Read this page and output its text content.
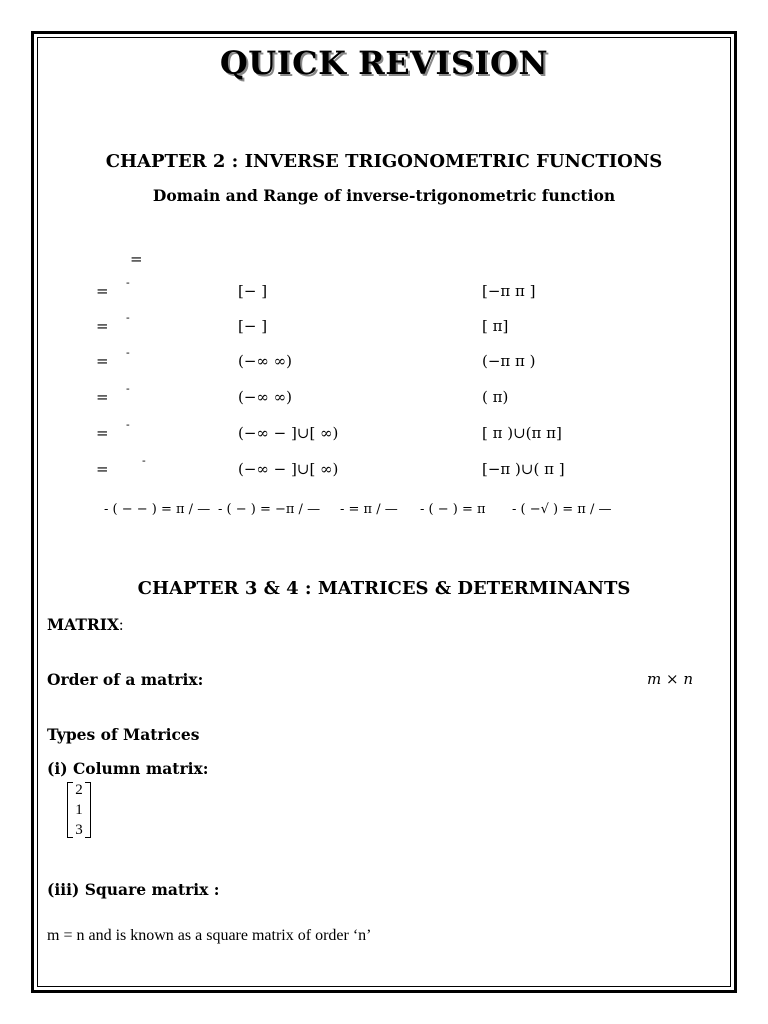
QUICK REVISION
CHAPTER 2 : INVERSE TRIGONOMETRIC FUNCTIONS
Domain and Range of inverse-trigonometric function
=
= -	[− ]	[−π π ]
= -	[− ]	[ π]
= -	(−∞ ∞)	(−π π )
= -	(−∞ ∞)	( π)
= -	(−∞ − ]∪[ ∞)	[ π )∪(π π]
=	-	(−∞ − ]∪[ ∞)	[−π )∪( π ]
- ( − − ) = π / — - ( − ) = −π / — - = π / — - ( − ) = π - ( −√ ) = π / —
CHAPTER 3 & 4 : MATRICES & DETERMINANTS
MATRIX:
Order of a matrix:	m × n
Types of Matrices
(i) Column matrix:
2
1
3
(iii) Square matrix :
m = n and is known as a square matrix of order ‘n’
